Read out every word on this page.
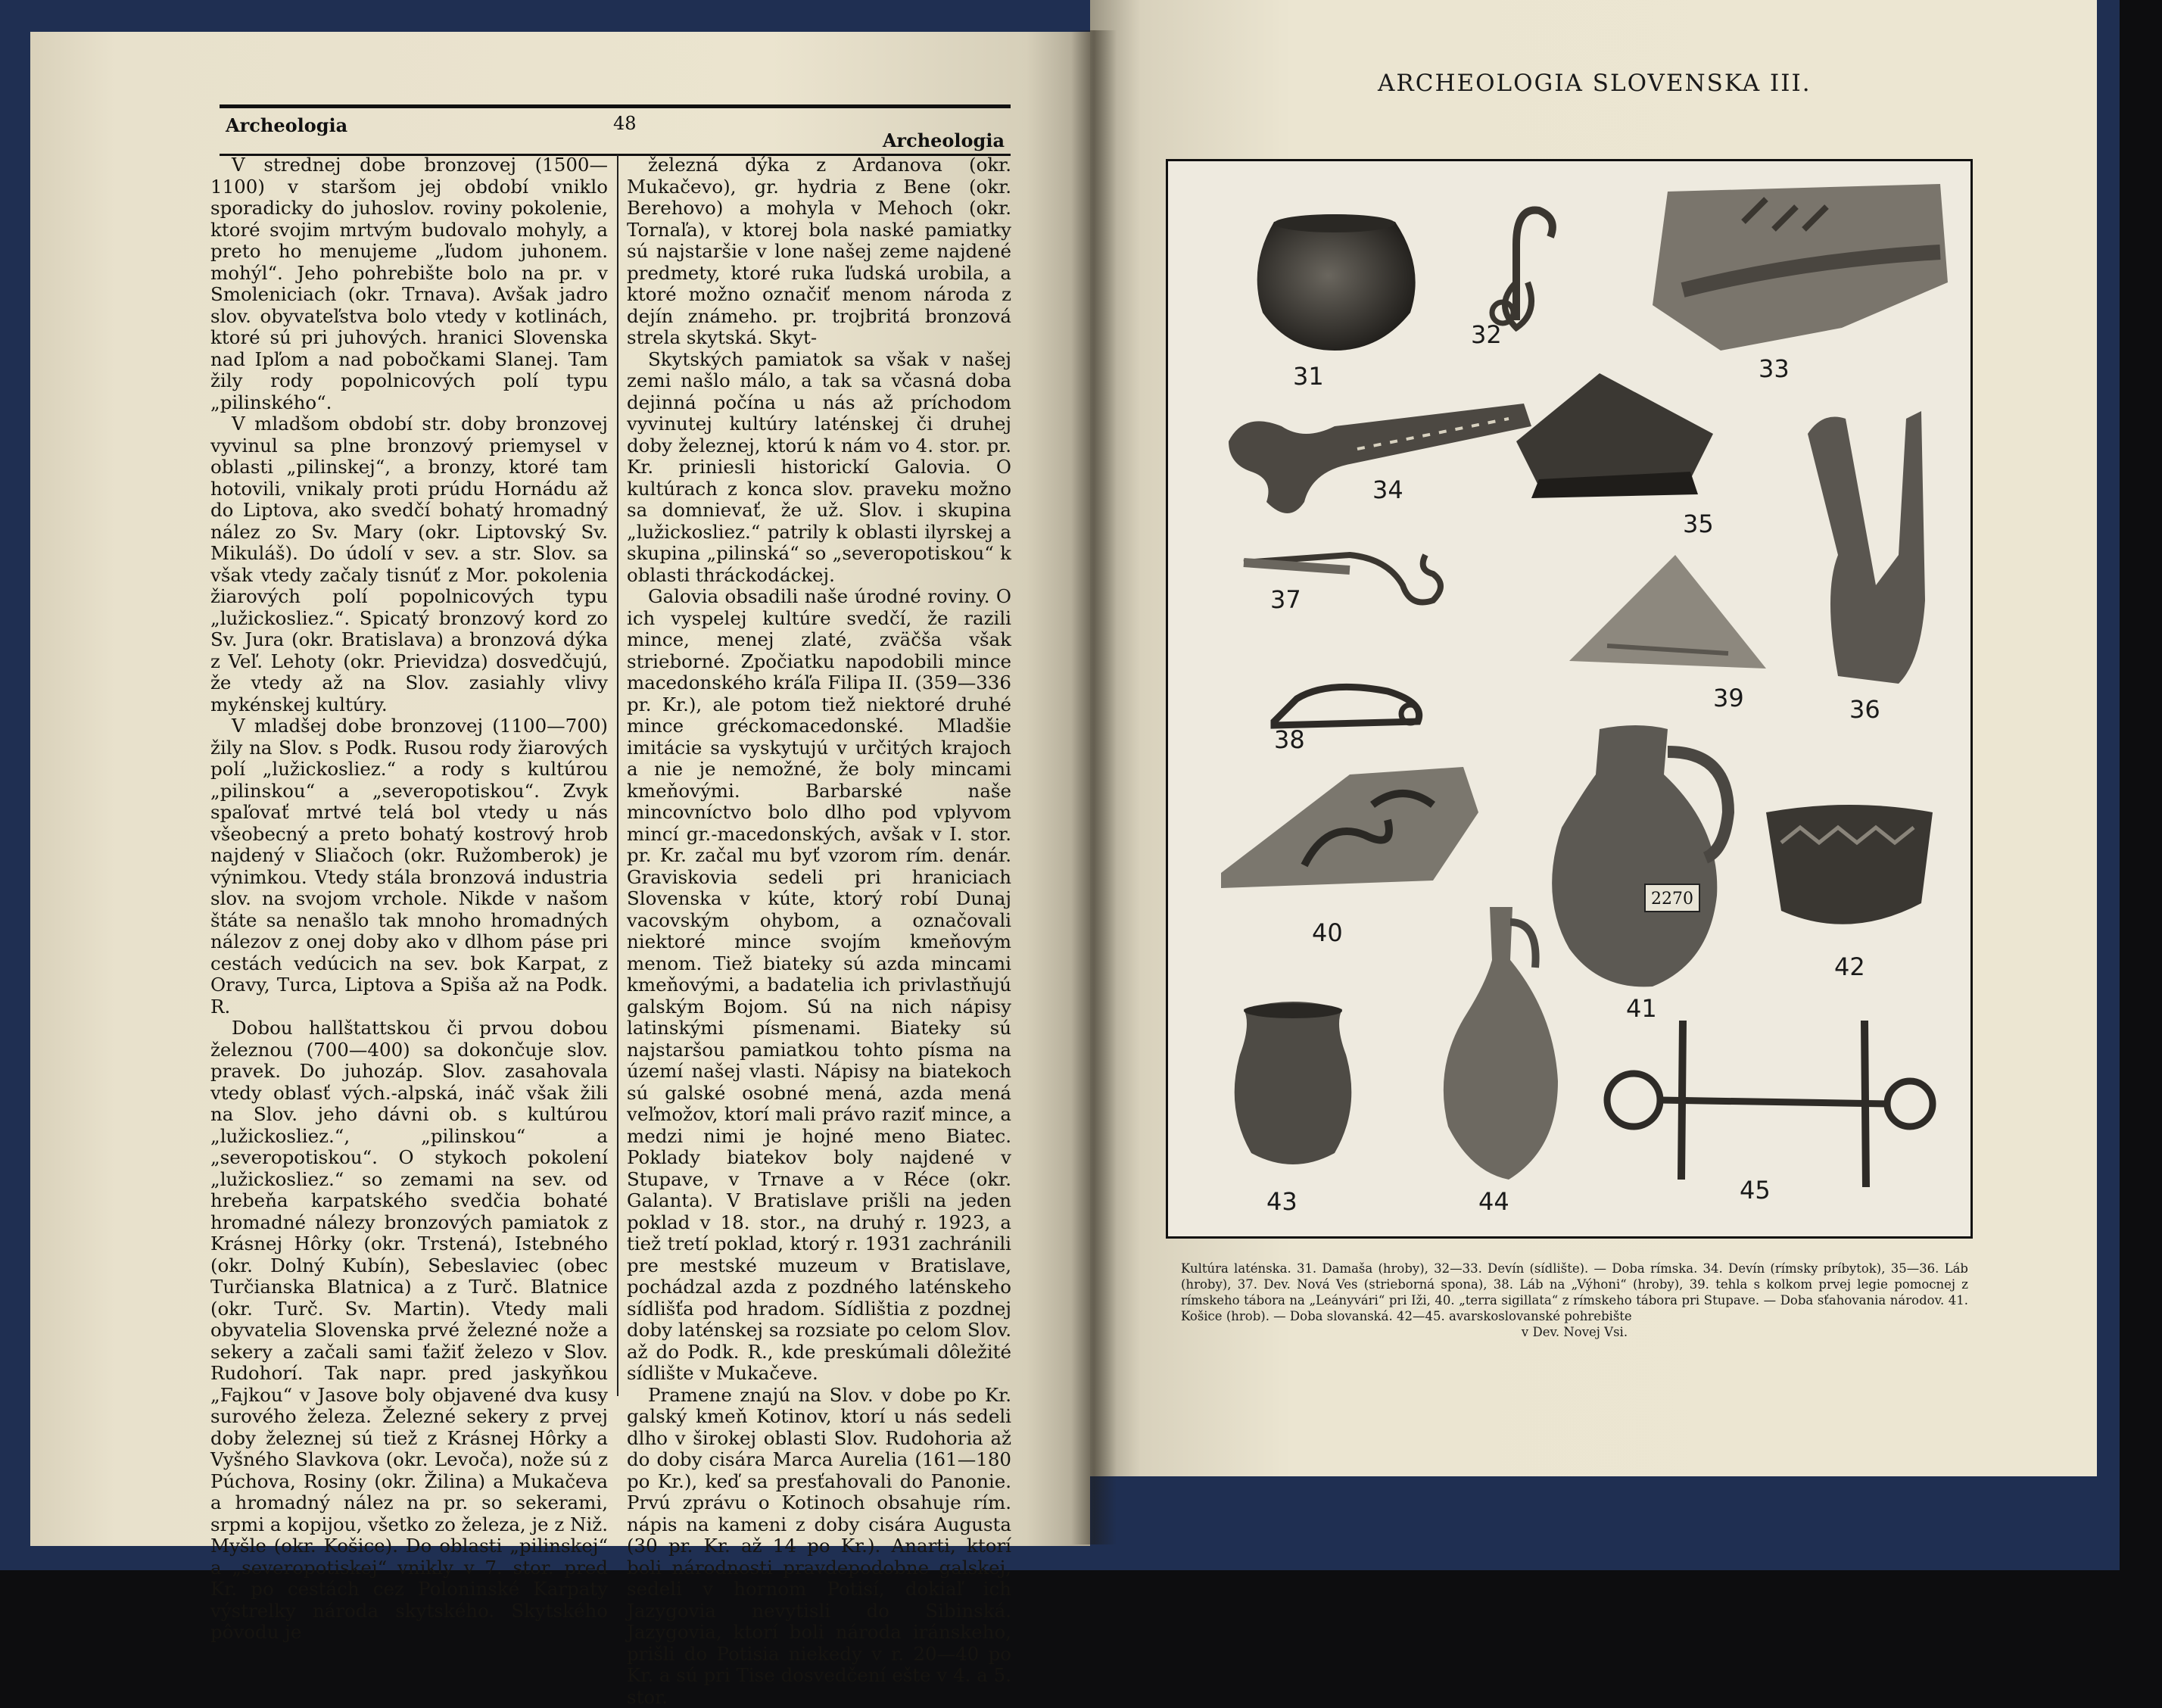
Archeologia	48
Archeologia

V strednej dobe bronzovej (1500—1100) v staršom jej období vniklo sporadicky do juhoslov. roviny pokolenie, ktoré svojim mrtvým budovalo mohyly, a preto ho menujeme „ľudom juhonem. mohýl“. Jeho pohrebište bolo na pr. v Smoleniciach (okr. Trnava). Avšak jadro slov. obyvateľstva bolo vtedy v kotlinách, ktoré sú pri juhových. hranici Slovenska nad Ipľom a nad pobočkami Slanej. Tam žily rody popolnicových polí typu „pilinského“.

V mladšom období str. doby bronzovej vyvinul sa plne bronzový priemysel v oblasti „pilinskej“, a bronzy, ktoré tam hotovili, vnikaly proti prúdu Hornádu až do Liptova, ako svedčí bohatý hromadný nález zo Sv. Mary (okr. Liptovský Sv. Mikuláš). Do údolí v sev. a str. Slov. sa však vtedy začaly tisnúť z Mor. pokolenia žiarových polí popolnicových typu „lužickosliez.“. Spicatý bronzový kord zo Sv. Jura (okr. Bratislava) a bronzová dýka z Veľ. Lehoty (okr. Prievidza) dosvedčujú, že vtedy až na Slov. zasiahly vlivy mykénskej kultúry.

V mladšej dobe bronzovej (1100—700) žily na Slov. s Podk. Rusou rody žiarových polí „lužickosliez.“ a rody s kultúrou „pilinskou“ a „severopotiskou“. Zvyk spaľovať mrtvé telá bol vtedy u nás všeobecný a preto bohatý kostrový hrob najdený v Sliačoch (okr. Ružomberok) je výnimkou. Vtedy stála bronzová industria slov. na svojom vrchole. Nikde v našom štáte sa nenašlo tak mnoho hromadných nálezov z onej doby ako v dlhom páse pri cestách vedúcich na sev. bok Karpat, z Oravy, Turca, Liptova a Spiša až na Podk. R.

Dobou hallštattskou či prvou dobou železnou (700—400) sa dokončuje slov. pravek. Do juhozáp. Slov. zasahovala vtedy oblasť vých.-alpská, ináč však žili na Slov. jeho dávni ob. s kultúrou „lužickosliez.“, „pilinskou“ a „severopotiskou“. O stykoch pokolení „lužickosliez.“ so zemami na sev. od hrebeňa karpatského svedčia bohaté hromadné nálezy bronzových pamiatok z Krásnej Hôrky (okr. Trstená), Istebného (okr. Dolný Kubín), Sebeslaviec (obec Turčianska Blatnica) a z Turč. Blatnice (okr. Turč. Sv. Martin). Vtedy mali obyvatelia Slovenska prvé železné nože a sekery a začali sami ťažiť železo v Slov. Rudohorí. Tak napr. pred jaskyňkou „Fajkou“ v Jasove boly objavené dva kusy surového železa. Železné sekery z prvej doby železnej sú tiež z Krásnej Hôrky a Vyšného Slavkova (okr. Levoča), nože sú z Púchova, Rosiny (okr. Žilina) a Mukačeva a hromadný nález na pr. so sekerami, srpmi a kopijou, všetko zo železa, je z Niž. Myšle (okr. Košice). Do oblasti „pilinskej“ a „severopotiskej“ vnikly v 7. stor. pred Kr. po cestách cez Poloninské Karpaty výstrelky národa skytského. Skytského pôvodu je

železná dýka z Ardanova (okr. Mukačevo), gr. hydria z Bene (okr. Berehovo) a mohyla v Mehoch (okr. Tornaľa), v ktorej bola naské pamiatky sú najstaršie v lone našej zeme najdené predmety, ktoré ruka ľudská urobila, a ktoré možno označiť menom národa z dejín známeho. pr. trojbritá bronzová strela skytská. Skyt-

Skytských pamiatok sa však v našej zemi našlo málo, a tak sa včasná doba dejinná počína u nás až príchodom vyvinutej kultúry laténskej či druhej doby železnej, ktorú k nám vo 4. stor. pr. Kr. priniesli historickí Galovia. O kultúrach z konca slov. praveku možno sa domnievať, že už. Slov. i skupina „lužickosliez.“ patrily k oblasti ilyrskej a skupina „pilinská“ so „severopotiskou“ k oblasti thráckodáckej.

Galovia obsadili naše úrodné roviny. O ich vyspelej kultúre svedčí, že razili mince, menej zlaté, zväčša však strieborné. Zpočiatku napodobili mince macedonského kráľa Filipa II. (359—336 pr. Kr.), ale potom tiež niektoré druhé mince gréckomacedonské. Mladšie imitácie sa vyskytujú v určitých krajoch a nie je nemožné, že boly mincami kmeňovými. Barbarské naše mincovníctvo bolo dlho pod vplyvom mincí gr.-macedonských, avšak v I. stor. pr. Kr. začal mu byť vzorom rím. denár. Graviskovia sedeli pri hraniciach Slovenska v kúte, ktorý robí Dunaj vacovským ohybom, a označovali niektoré mince svojím kmeňovým menom. Tiež biateky sú azda mincami kmeňovými, a badatelia ich privlastňujú galským Bojom. Sú na nich nápisy latinskými písmenami. Biateky sú najstaršou pamiatkou tohto písma na území našej vlasti. Nápisy na biatekoch sú galské osobné mená, azda mená veľmožov, ktorí mali právo raziť mince, a medzi nimi je hojné meno Biatec. Poklady biatekov boly najdené v Stupave, v Trnave a v Réce (okr. Galanta). V Bratislave prišli na jeden poklad v 18. stor., na druhý r. 1923, a tiež tretí poklad, ktorý r. 1931 zachránili pre mestské muzeum v Bratislave, pochádzal azda z pozdného laténskeho sídlišťa pod hradom. Sídlištia z pozdnej doby laténskej sa rozsiate po celom Slov. až do Podk. R., kde preskúmali dôležité sídlište v Mukačeve.

Pramene znajú na Slov. v dobe po Kr. galský kmeň Kotinov, ktorí u nás sedeli dlho v širokej oblasti Slov. Rudohoria až do doby cisára Marca Aurelia (161—180 po Kr.), keď sa presťahovali do Panonie. Prvú zprávu o Kotinoch obsahuje rím. nápis na kameni z doby cisára Augusta (30 pr. Kr. až 14 po Kr.). Anarti, ktorí boli národnosti pravdepodobne galskej, sedeli v hornom Potisí, dokiaľ ich Jazygovia nevytisli do Sibinská. Jazygovia, ktorí boli národa iránskeho, prišli do Potisia niekedy v r. 20—40 po Kr. a sú pri Tise dosvedčení ešte v 4. a 5. stor.

ARCHEOLOGIA SLOVENSKA III.
31
32
33
34
35
36
37
39
38
40
2270
41
42
43	44	45
Kultúra laténska. 31. Damaša (hroby), 32—33. Devín (sídlište). — Doba rímska. 34. Devín (rímsky príbytok), 35—36. Láb (hroby), 37. Dev. Nová Ves (strieborná spona), 38. Láb na „Výhoni“ (hroby), 39. tehla s kolkom prvej legie pomocnej z rímskeho tábora na „Leányvári“ pri Iži, 40. „terra sigillata“ z rímskeho tábora pri Stupave. — Doba sťahovania národov. 41. Košice (hrob). — Doba slovanská. 42—45. avarskoslovanské pohrebište
v Dev. Novej Vsi.
